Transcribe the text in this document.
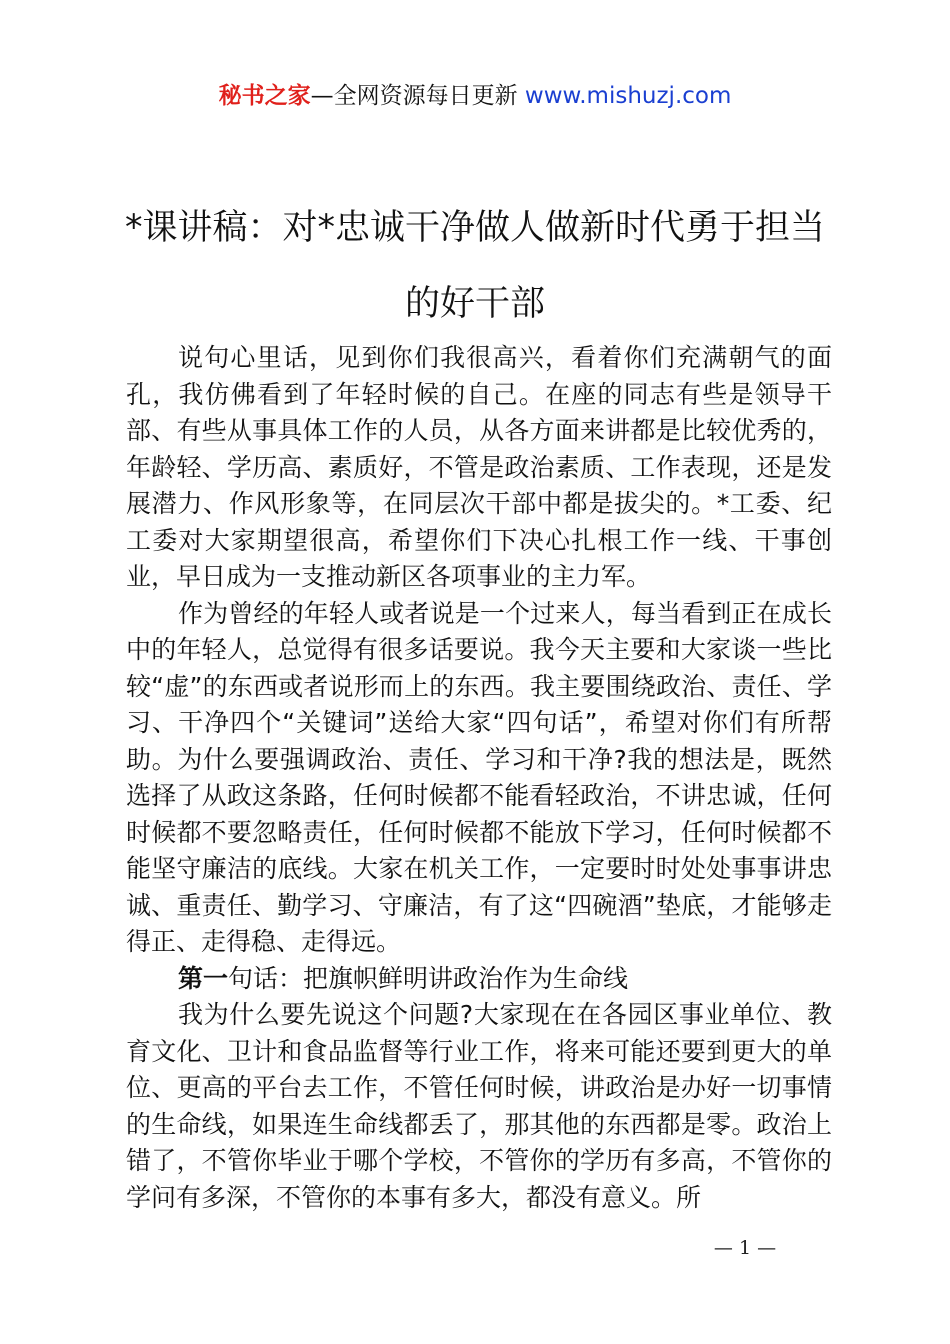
秘书之家—全网资源每日更新 www.mishuzj.com
*课讲稿：对*忠诚干净做人做新时代勇于担当的好干部

说句心里话，见到你们我很高兴，看着你们充满朝气的面孔，我仿佛看到了年轻时候的自己。在座的同志有些是领导干部、有些从事具体工作的人员，从各方面来讲都是比较优秀的，年龄轻、学历高、素质好，不管是政治素质、工作表现，还是发展潜力、作风形象等，在同层次干部中都是拔尖的。*工委、纪工委对大家期望很高，希望你们下决心扎根工作一线、干事创业，早日成为一支推动新区各项事业的主力军。

作为曾经的年轻人或者说是一个过来人，每当看到正在成长中的年轻人，总觉得有很多话要说。我今天主要和大家谈一些比较“虚”的东西或者说形而上的东西。我主要围绕政治、责任、学习、干净四个“关键词”送给大家“四句话”，希望对你们有所帮助。为什么要强调政治、责任、学习和干净?我的想法是，既然选择了从政这条路，任何时候都不能看轻政治，不讲忠诚，任何时候都不要忽略责任，任何时候都不能放下学习，任何时候都不能坚守廉洁的底线。大家在机关工作，一定要时时处处事事讲忠诚、重责任、勤学习、守廉洁，有了这“四碗酒”垫底，才能够走得正、走得稳、走得远。

第一句话：把旗帜鲜明讲政治作为生命线

我为什么要先说这个问题?大家现在在各园区事业单位、教育文化、卫计和食品监督等行业工作，将来可能还要到更大的单位、更高的平台去工作，不管任何时候，讲政治是办好一切事情的生命线，如果连生命线都丢了，那其他的东西都是零。政治上错了，不管你毕业于哪个学校，不管你的学历有多高，不管你的学问有多深，不管你的本事有多大，都没有意义。所

— 1 —
